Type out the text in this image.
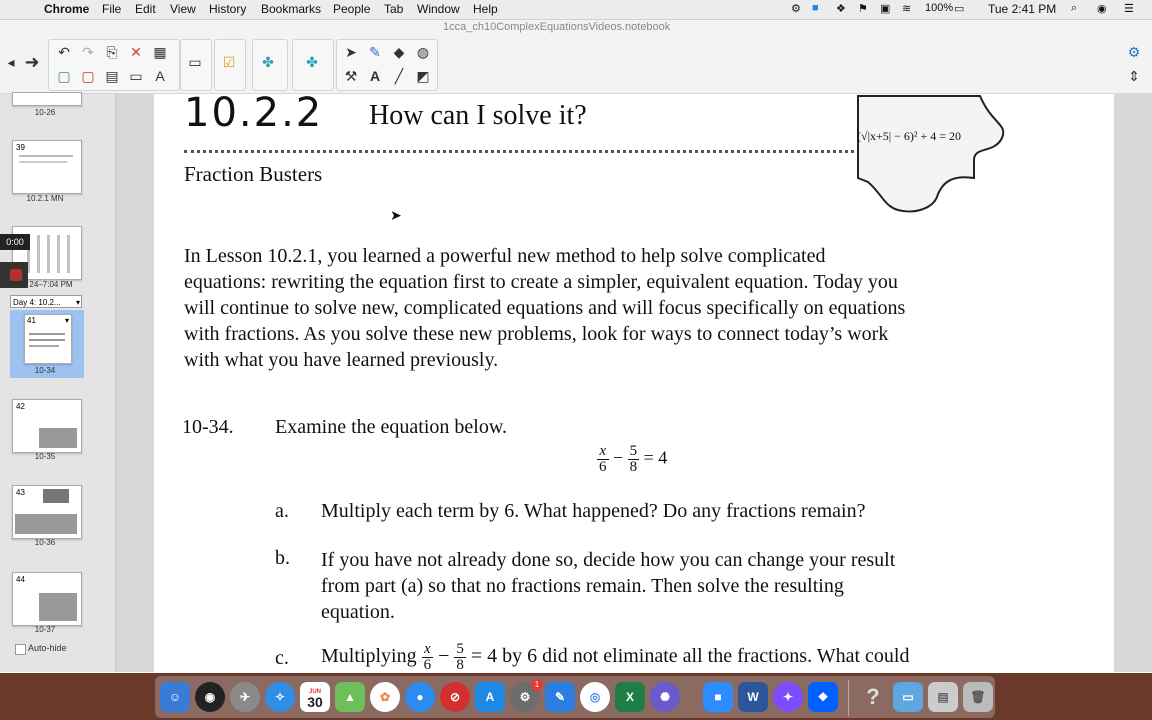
Chrome File Edit View History Bookmarks People Tab Window Help	⚙ ■ ❖ ⚑ ▣ ≋ 100% ▭ Tue 2:41 PM ⌕ ◉ ☰
1cca_ch10ComplexEquationsVideos.notebook
◂ ➜	↶ ↷ ⎘ ✕ ▦
▢ ▢ ▤ ▭ A
▭	☑	✤	✤
➤ ✎ ◆ ◍
⚒ A	╱ ◩
⚙
⇕
10-26
39
10.2.1 MN
24–7:04 PM
0:00
Day 4: 10.2... ▾
41	▾
10-34
42
10-35
43
10-36
44
10-37
Auto-hide
10.2.2 How can I solve it?
(√|x+5| − 6)² + 4 = 20
Fraction Busters
In Lesson 10.2.1, you learned a powerful new method to help solve complicated
equations: rewriting the equation first to create a simpler, equivalent equation. Today you
will continue to solve new, complicated equations and will focus specifically on equations
with fractions. As you solve these new problems, look for ways to connect today’s work
with what you have learned previously.
10-34. Examine the equation below.
$\frac{x}{6} - \frac{5}{8} = 4$
a. Multiply each term by 6. What happened? Do any fractions remain?
b. If you have not already done so, decide how you can change your result
from part (a) so that no fractions remain. Then solve the resulting
equation.
c. Multiplying $\frac{x}{6} - \frac{5}{8} = 4$ by 6 did not eliminate all the fractions. What could
➤
☺	◉	✈	✧	JUN
30	▲	✿	●	⊘	A	⚙
1
✎	◎	X	✺	■	W	✦	❖	?	▭	▤	🗑
